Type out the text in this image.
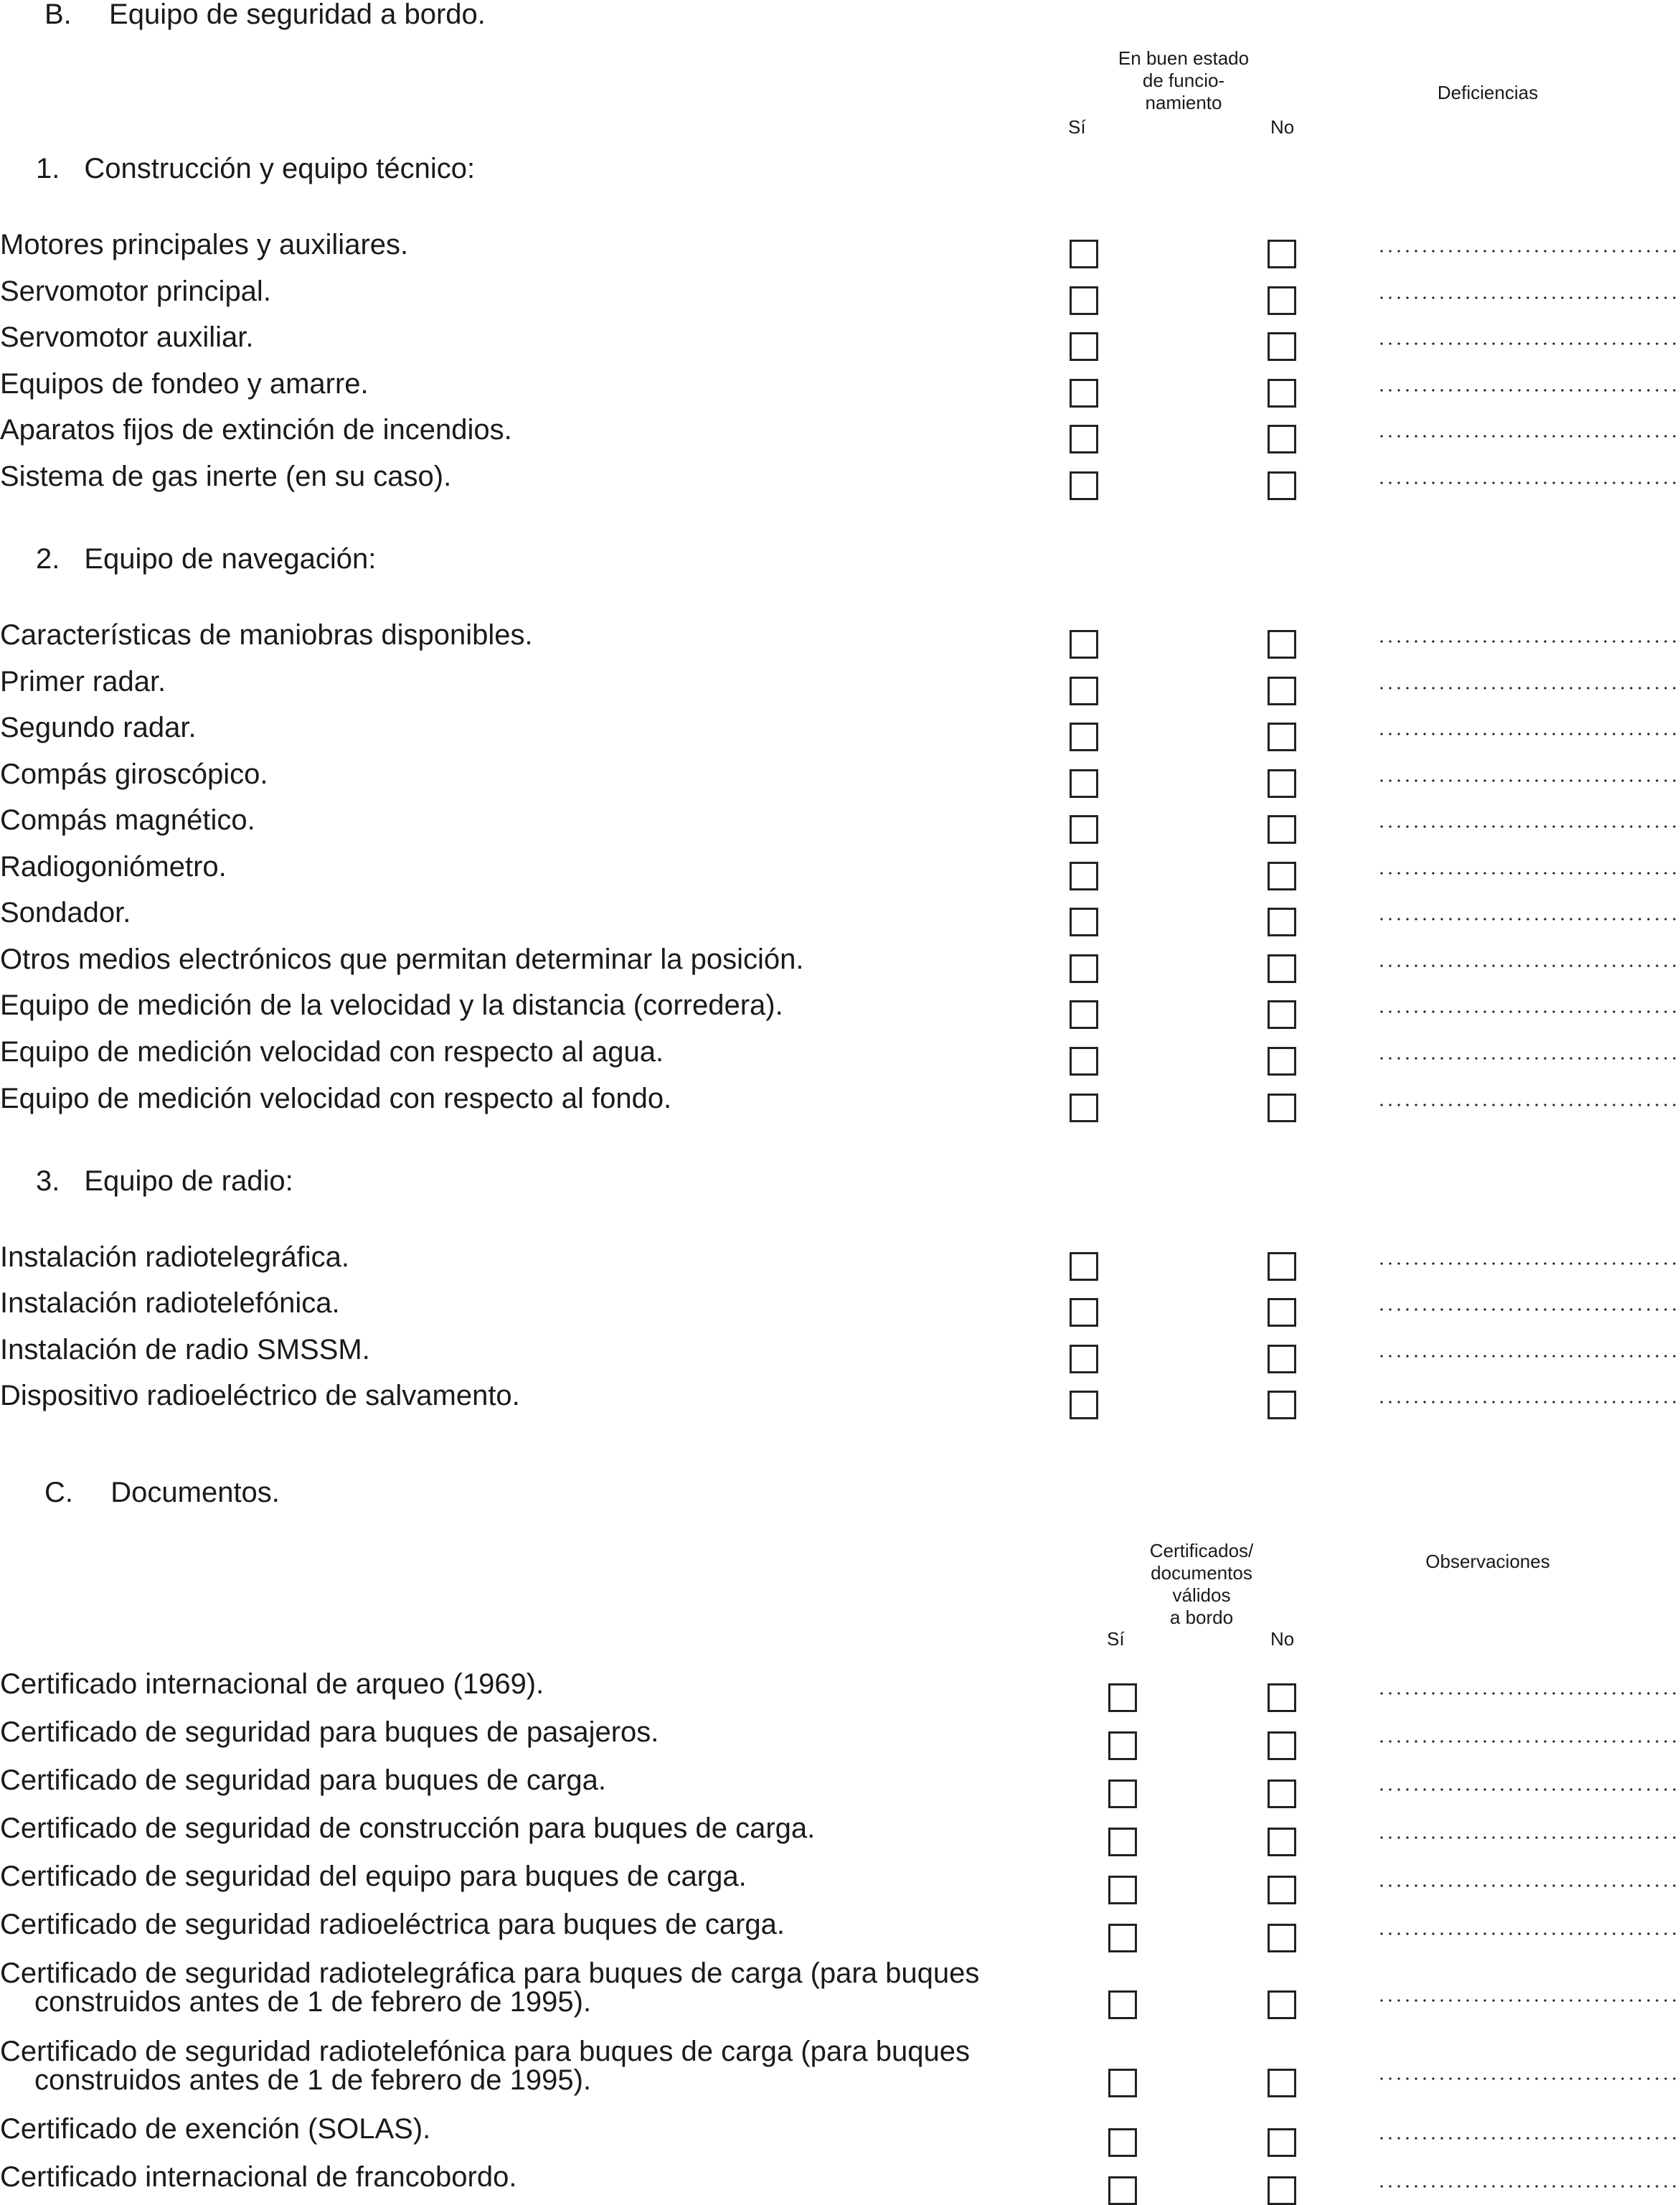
B. Equipo de seguridad a bordo.
En buen estado
de funcio-
namiento
Sí	No
Deficiencias
1. Construcción y equipo técnico:
Motores principales y auxiliares.
Servomotor principal.
Servomotor auxiliar.
Equipos de fondeo y amarre.
Aparatos fijos de extinción de incendios.
Sistema de gas inerte (en su caso).
2. Equipo de navegación:
Características de maniobras disponibles.
Primer radar.
Segundo radar.
Compás giroscópico.
Compás magnético.
Radiogoniómetro.
Sondador.
Otros medios electrónicos que permitan determinar la posición.
Equipo de medición de la velocidad y la distancia (corredera).
Equipo de medición velocidad con respecto al agua.
Equipo de medición velocidad con respecto al fondo.
3. Equipo de radio:
Instalación radiotelegráfica.
Instalación radiotelefónica.
Instalación de radio SMSSM.
Dispositivo radioeléctrico de salvamento.
C. Documentos.
Certificados/
documentos
válidos
a bordo
Sí	No
Observaciones
Certificado internacional de arqueo (1969).
Certificado de seguridad para buques de pasajeros.
Certificado de seguridad para buques de carga.
Certificado de seguridad de construcción para buques de carga.
Certificado de seguridad del equipo para buques de carga.
Certificado de seguridad radioeléctrica para buques de carga.
Certificado de seguridad radiotelegráfica para buques de carga (para buques
construidos antes de 1 de febrero de 1995).
Certificado de seguridad radiotelefónica para buques de carga (para buques
construidos antes de 1 de febrero de 1995).
Certificado de exención (SOLAS).
Certificado internacional de francobordo.
